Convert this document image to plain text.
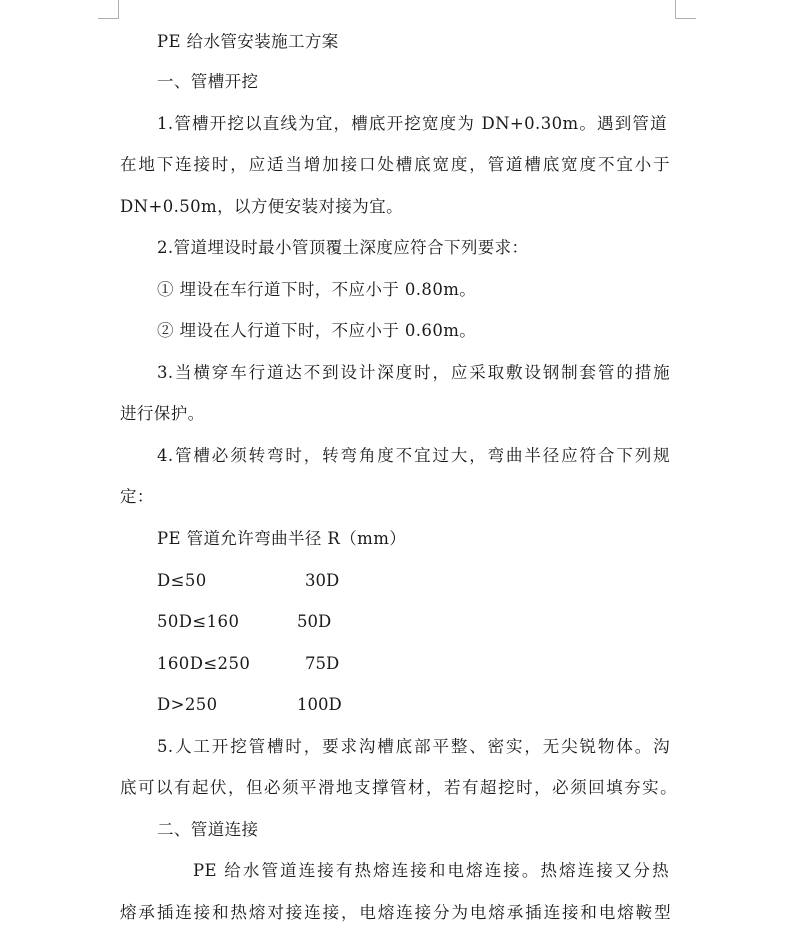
PE 给水管安装施工方案
一、管槽开挖
1.管槽开挖以直线为宜，槽底开挖宽度为 DN+0.30m。遇到管道
在地下连接时，应适当增加接口处槽底宽度，管道槽底宽度不宜小于
DN+0.50m，以方便安装对接为宜。
2.管道埋设时最小管顶覆土深度应符合下列要求：
① 埋设在车行道下时，不应小于 0.80m。
② 埋设在人行道下时，不应小于 0.60m。
3.当横穿车行道达不到设计深度时，应采取敷设钢制套管的措施
进行保护。
4.管槽必须转弯时，转弯角度不宜过大，弯曲半径应符合下列规
定：
PE 管道允许弯曲半径 R（mm）
D≤50	30D
50D≤160	50D
160D≤250	75D
D>250	100D
5.人工开挖管槽时，要求沟槽底部平整、密实，无尖锐物体。沟
底可以有起伏，但必须平滑地支撑管材，若有超挖时，必须回填夯实。
二、管道连接
PE 给水管道连接有热熔连接和电熔连接。热熔连接又分热
熔承插连接和热熔对接连接，电熔连接分为电熔承插连接和电熔鞍型
